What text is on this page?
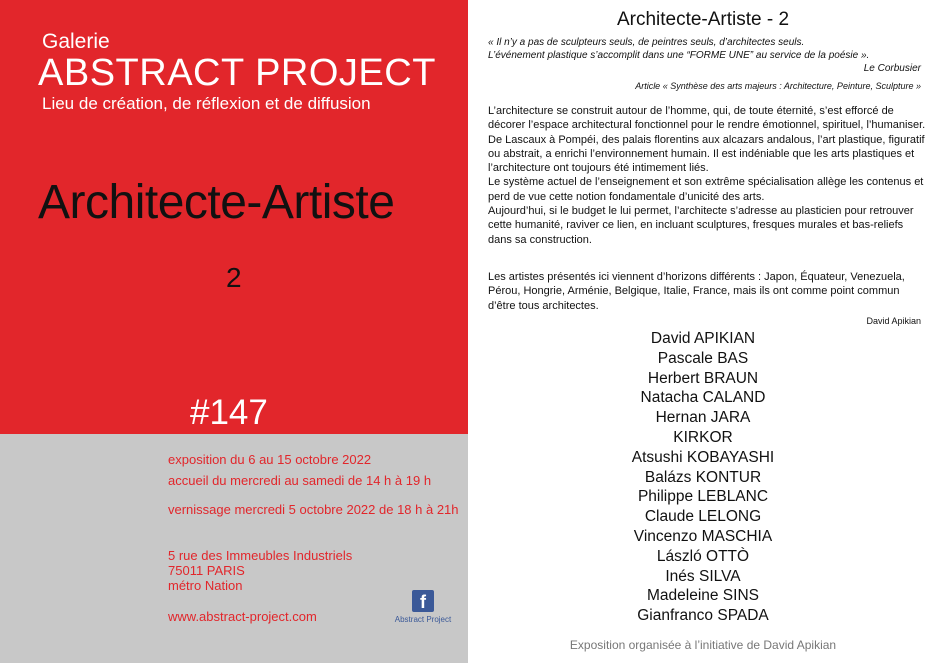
Galerie
ABSTRACT PROJECT
Lieu de création, de réflexion et de diffusion
Architecte-Artiste
2
#147
exposition du 6 au 15 octobre 2022
accueil du mercredi au samedi de 14 h à 19 h
vernissage mercredi 5 octobre 2022 de 18 h à 21h
5 rue des Immeubles Industriels
75011 PARIS
métro Nation
www.abstract-project.com
f
Abstract Project
Architecte-Artiste - 2
« Il n’y a pas de sculpteurs seuls, de peintres seuls, d’architectes seuls.
L’événement plastique s’accomplit dans une “FORME UNE” au service de la poésie ».
Le Corbusier
Article « Synthèse des arts majeurs : Architecture, Peinture, Sculpture »

L’architecture se construit autour de l’homme, qui, de toute éternité, s’est efforcé de décorer l’espace architectural fonctionnel pour le rendre émotionnel, spirituel, l’humaniser.

De Lascaux à Pompéi, des palais florentins aux alcazars andalous, l’art plastique, figuratif ou abstrait, a enrichi l’environnement humain. Il est indéniable que les arts plastiques et l’architecture ont toujours été intimement liés.

Le système actuel de l’enseignement et son extrême spécialisation allège les contenus et perd de vue cette notion fondamentale d’unicité des arts.

Aujourd’hui, si le budget le lui permet, l’architecte s’adresse au plasticien pour retrouver cette humanité, raviver ce lien, en incluant sculptures, fresques murales et bas-reliefs dans sa construction.

Les artistes présentés ici viennent d’horizons différents : Japon, Équateur, Venezuela, Pérou, Hongrie, Arménie, Belgique, Italie, France, mais ils ont comme point commun d’être tous architectes.
David Apikian
David APIKIAN
Pascale BAS
Herbert BRAUN
Natacha CALAND
Hernan JARA
KIRKOR
Atsushi KOBAYASHI
Balázs KONTUR
Philippe LEBLANC
Claude LELONG
Vincenzo MASCHIA
László OTTÒ
Inés SILVA
Madeleine SINS
Gianfranco SPADA
Exposition organisée à l’initiative de David Apikian
